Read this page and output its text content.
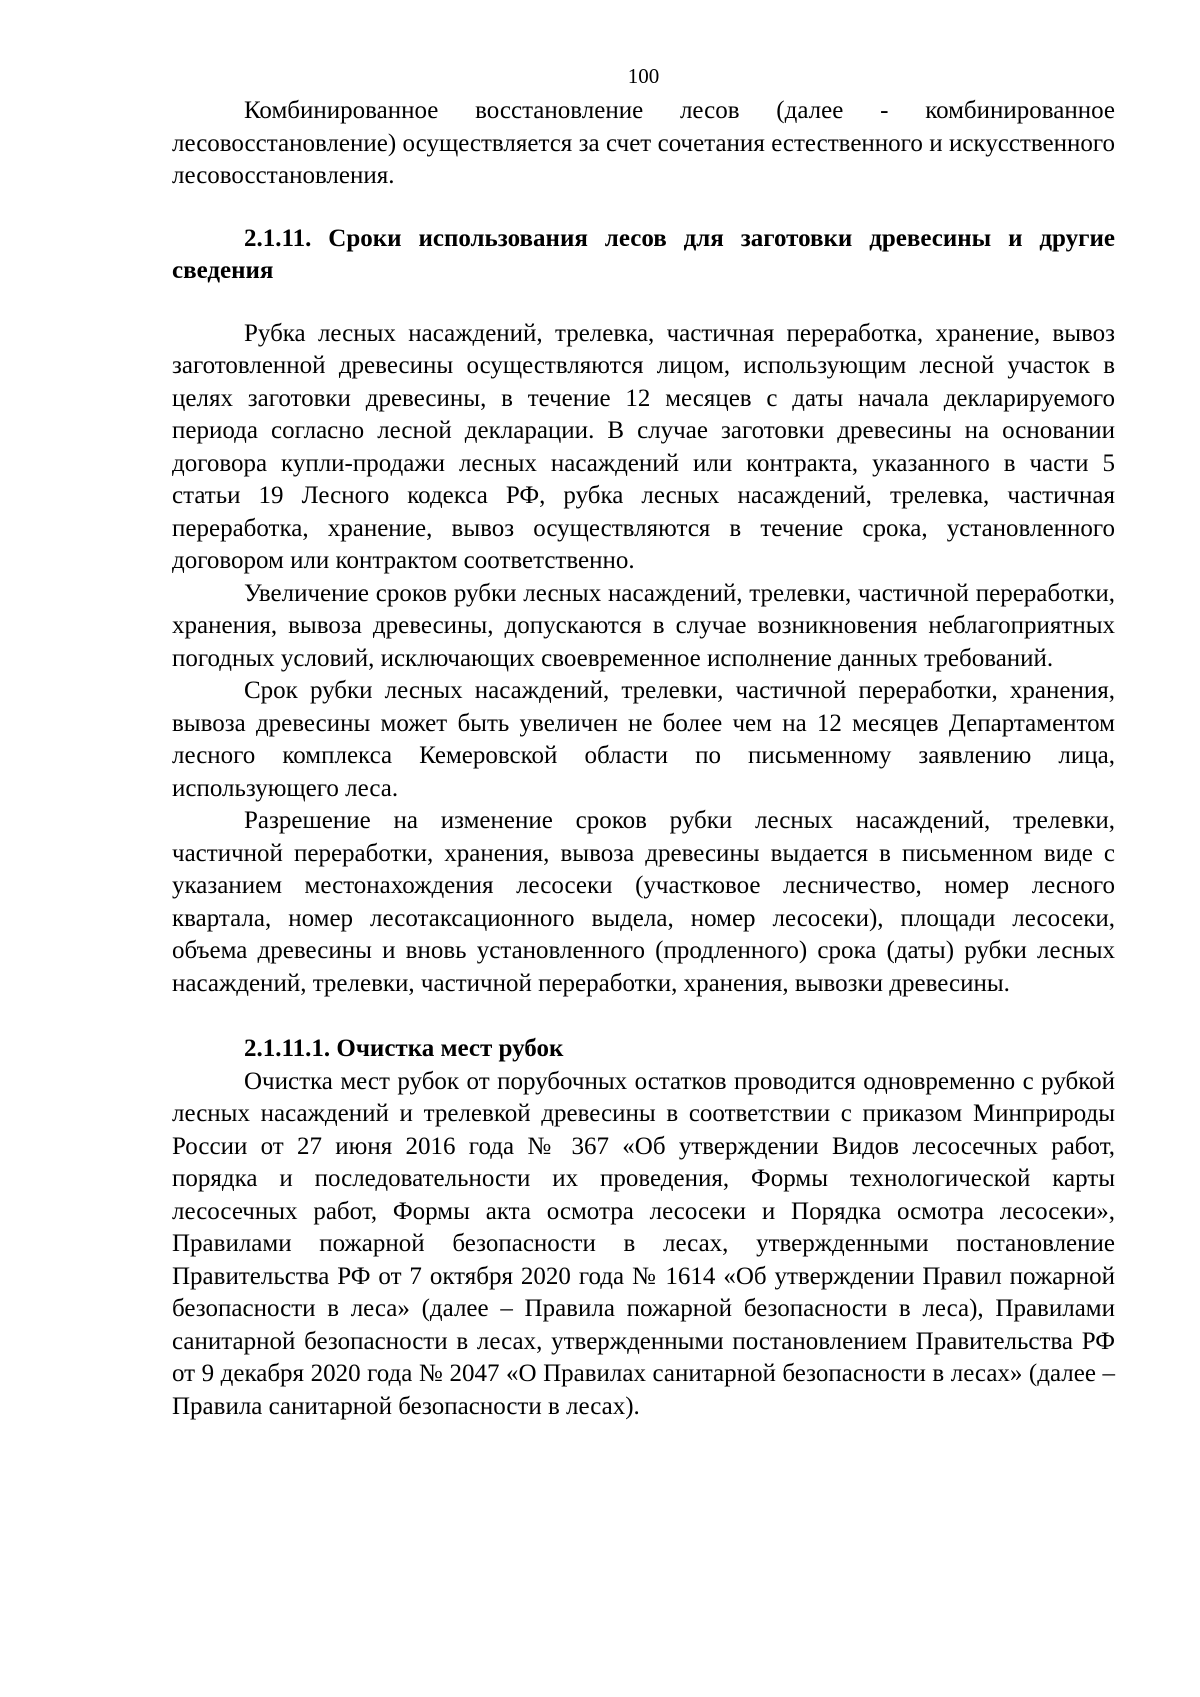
100

Комбинированное восстановление лесов (далее - комбинированное лесовосстановление) осуществляется за счет сочетания естественного и искусственного лесовосстановления.

2.1.11. Сроки использования лесов для заготовки древесины и другие сведения

Рубка лесных насаждений, трелевка, частичная переработка, хранение, вывоз заготовленной древесины осуществляются лицом, использующим лесной участок в целях заготовки древесины, в течение 12 месяцев с даты начала декларируемого периода согласно лесной декларации. В случае заготовки древесины на основании договора купли-продажи лесных насаждений или контракта, указанного в части 5 статьи 19 Лесного кодекса РФ, рубка лесных насаждений, трелевка, частичная переработка, хранение, вывоз осуществляются в течение срока, установленного договором или контрактом соответственно.

Увеличение сроков рубки лесных насаждений, трелевки, частичной переработки, хранения, вывоза древесины, допускаются в случае возникновения неблагоприятных погодных условий, исключающих своевременное исполнение данных требований.

Срок рубки лесных насаждений, трелевки, частичной переработки, хранения, вывоза древесины может быть увеличен не более чем на 12 месяцев Департаментом лесного комплекса Кемеровской области по письменному заявлению лица, использующего леса.

Разрешение на изменение сроков рубки лесных насаждений, трелевки, частичной переработки, хранения, вывоза древесины выдается в письменном виде с указанием местонахождения лесосеки (участковое лесничество, номер лесного квартала, номер лесотаксационного выдела, номер лесосеки), площади лесосеки, объема древесины и вновь установленного (продленного) срока (даты) рубки лесных насаждений, трелевки, частичной переработки, хранения, вывозки древесины.

2.1.11.1. Очистка мест рубок

Очистка мест рубок от порубочных остатков проводится одновременно с рубкой лесных насаждений и трелевкой древесины в соответствии с приказом Минприроды России от 27 июня 2016 года № 367 «Об утверждении Видов лесосечных работ, порядка и последовательности их проведения, Формы технологической карты лесосечных работ, Формы акта осмотра лесосеки и Порядка осмотра лесосеки», Правилами пожарной безопасности в лесах, утвержденными постановление Правительства РФ от 7 октября 2020 года № 1614 «Об утверждении Правил пожарной безопасности в леса» (далее – Правила пожарной безопасности в леса), Правилами санитарной безопасности в лесах, утвержденными постановлением Правительства РФ от 9 декабря 2020 года № 2047 «О Правилах санитарной безопасности в лесах» (далее – Правила санитарной безопасности в лесах).
